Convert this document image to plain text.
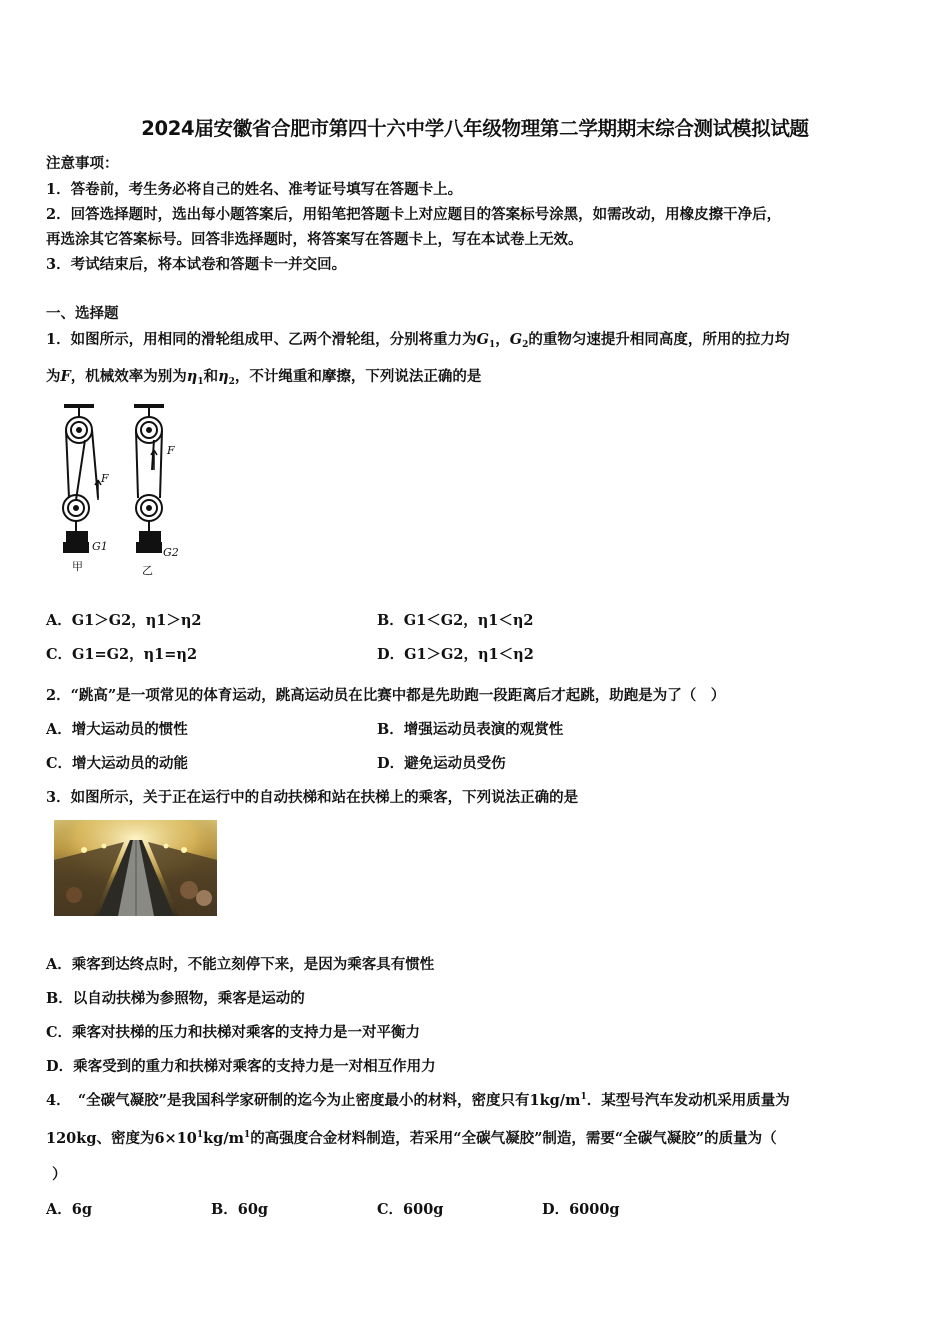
2024届安徽省合肥市第四十六中学八年级物理第二学期期末综合测试模拟试题
注意事项：
1．答卷前，考生务必将自己的姓名、准考证号填写在答题卡上。
2．回答选择题时，选出每小题答案后，用铅笔把答题卡上对应题目的答案标号涂黑，如需改动，用橡皮擦干净后，
再选涂其它答案标号。回答非选择题时，将答案写在答题卡上，写在本试卷上无效。
3．考试结束后，将本试卷和答题卡一并交回。
一、选择题
1．如图所示，用相同的滑轮组成甲、乙两个滑轮组，分别将重力为$G_1$，$G_2$的重物匀速提升相同高度，所用的拉力均
为F，机械效率为别为$\eta_1$和$\eta_2$，不计绳重和摩擦，下列说法正确的是
F
F
G1	G2
甲	乙
A．G1＞G2，η1＞η2	B．G1＜G2，η1＜η2
C．G1=G2，η1=η2	D．G1＞G2，η1＜η2
2．“跳高”是一项常见的体育运动，跳高运动员在比赛中都是先助跑一段距离后才起跳，助跑是为了（　）
A．增大运动员的惯性	B．增强运动员表演的观赏性
C．增大运动员的动能	D．避免运动员受伤
3．如图所示，关于正在运行中的自动扶梯和站在扶梯上的乘客，下列说法正确的是
A．乘客到达终点时，不能立刻停下来，是因为乘客具有惯性
B．以自动扶梯为参照物，乘客是运动的
C．乘客对扶梯的压力和扶梯对乘客的支持力是一对平衡力
D．乘客受到的重力和扶梯对乘客的支持力是一对相互作用力
4．　“全碳气凝胶”是我国科学家研制的迄今为止密度最小的材料，密度只有$1kg/m^1$．某型号汽车发动机采用质量为
120kg、密度为$6\times 10^1kg/m^1$的高强度合金材料制造，若采用“全碳气凝胶”制造，需要“全碳气凝胶”的质量为（
）
A．6g	B．60g	C．600g	D．6000g
